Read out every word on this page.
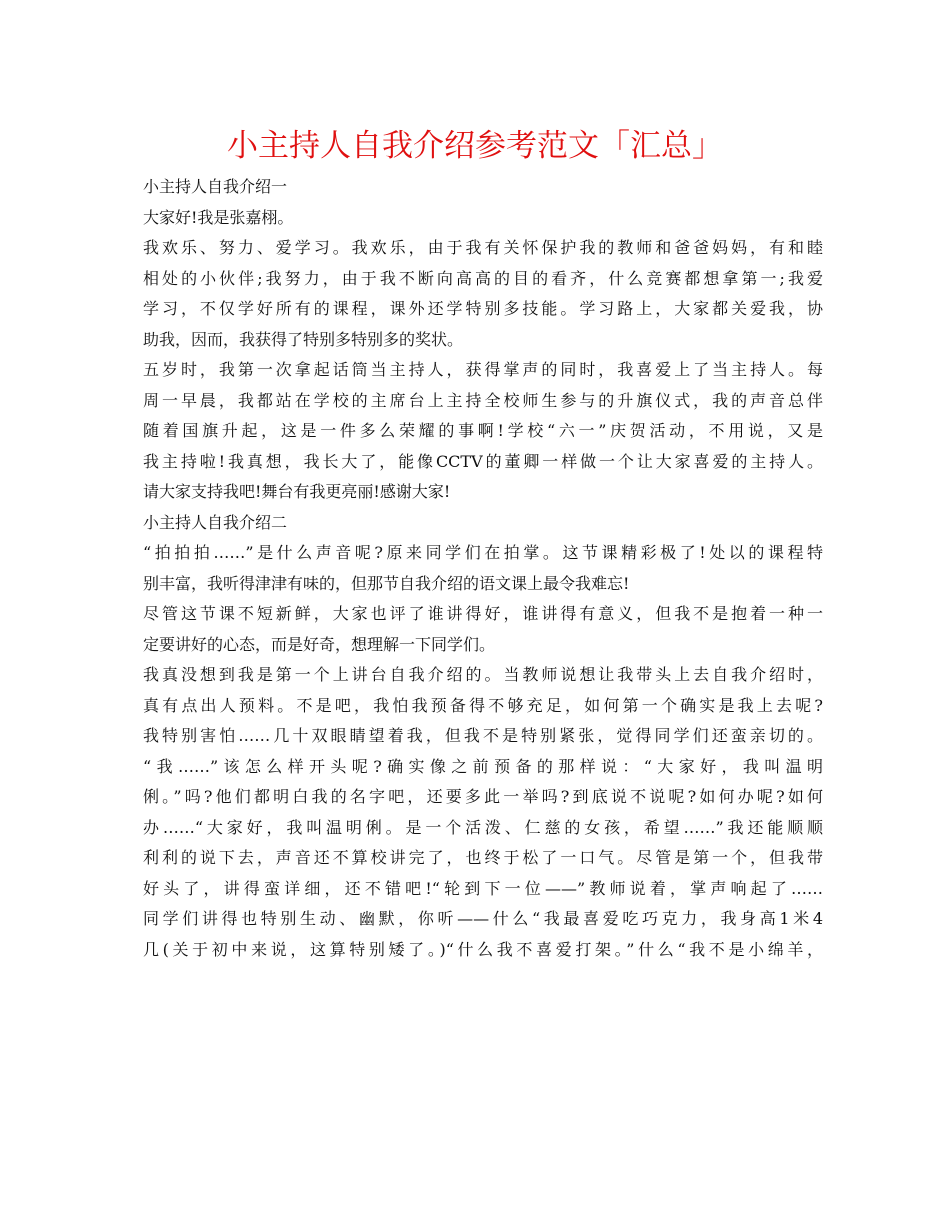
小主持人自我介绍参考范文「汇总」
小主持人自我介绍一
大家好!我是张嘉栩。
我欢乐、努力、爱学习。我欢乐，由于我有关怀保护我的教师和爸爸妈妈，有和睦
相处的小伙伴;我努力，由于我不断向高高的目的看齐，什么竞赛都想拿第一;我爱
学习，不仅学好所有的课程，课外还学特别多技能。学习路上，大家都关爱我，协
助我，因而，我获得了特别多特别多的奖状。
五岁时，我第一次拿起话筒当主持人，获得掌声的同时，我喜爱上了当主持人。每
周一早晨，我都站在学校的主席台上主持全校师生参与的升旗仪式，我的声音总伴
随着国旗升起，这是一件多么荣耀的事啊!学校“六一”庆贺活动，不用说，又是
我主持啦!我真想，我长大了，能像CCTV的董卿一样做一个让大家喜爱的主持人。
请大家支持我吧!舞台有我更亮丽!感谢大家!
小主持人自我介绍二
“拍拍拍……”是什么声音呢?原来同学们在拍掌。这节课精彩极了!处以的课程特
别丰富，我听得津津有味的，但那节自我介绍的语文课上最令我难忘!
尽管这节课不短新鲜，大家也评了谁讲得好，谁讲得有意义，但我不是抱着一种一
定要讲好的心态，而是好奇，想理解一下同学们。
我真没想到我是第一个上讲台自我介绍的。当教师说想让我带头上去自我介绍时，
真有点出人预料。不是吧，我怕我预备得不够充足，如何第一个确实是我上去呢?
我特别害怕……几十双眼睛望着我，但我不是特别紧张，觉得同学们还蛮亲切的。
“我……”该怎么样开头呢?确实像之前预备的那样说：“大家好，我叫温明
俐。”吗?他们都明白我的名字吧，还要多此一举吗?到底说不说呢?如何办呢?如何
办……“大家好，我叫温明俐。是一个活泼、仁慈的女孩，希望……”我还能顺顺
利利的说下去，声音还不算校讲完了，也终于松了一口气。尽管是第一个，但我带
好头了，讲得蛮详细，还不错吧!“轮到下一位——”教师说着，掌声响起了……
同学们讲得也特别生动、幽默，你听——什么“我最喜爱吃巧克力，我身高1米4
几(关于初中来说，这算特别矮了。)“什么我不喜爱打架。”什么“我不是小绵羊，
